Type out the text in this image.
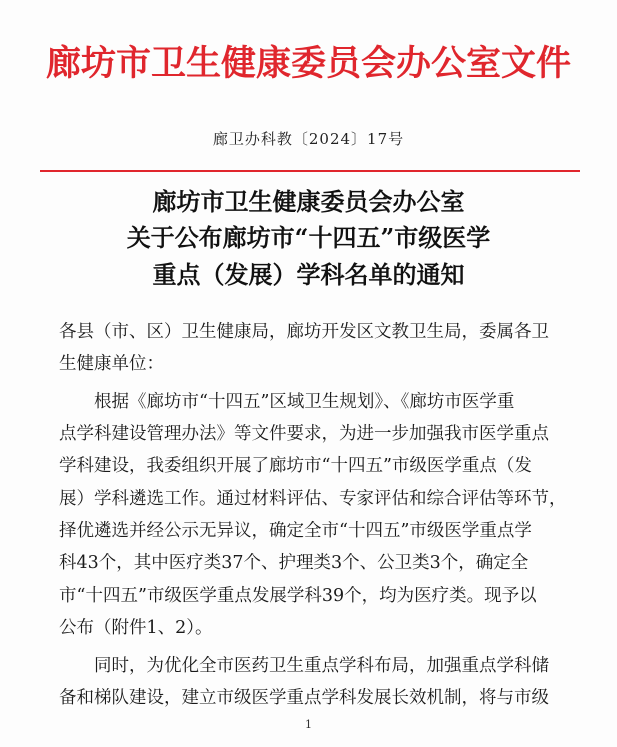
廊坊市卫生健康委员会办公室文件
廊卫办科教〔2024〕17号
廊坊市卫生健康委员会办公室
关于公布廊坊市“十四五”市级医学
重点（发展）学科名单的通知
各县（市、区）卫生健康局，廊坊开发区文教卫生局，委属各卫
生健康单位：
　　根据《廊坊市“十四五”区域卫生规划》、《廊坊市医学重
点学科建设管理办法》等文件要求，为进一步加强我市医学重点
学科建设，我委组织开展了廊坊市“十四五”市级医学重点（发
展）学科遴选工作。通过材料评估、专家评估和综合评估等环节，
择优遴选并经公示无异议，确定全市“十四五”市级医学重点学
科43个，其中医疗类37个、护理类3个、公卫类3个，确定全
市“十四五”市级医学重点发展学科39个，均为医疗类。现予以
公布（附件1、2）。
　　同时，为优化全市医药卫生重点学科布局，加强重点学科储
备和梯队建设，建立市级医学重点学科发展长效机制，将与市级
1
